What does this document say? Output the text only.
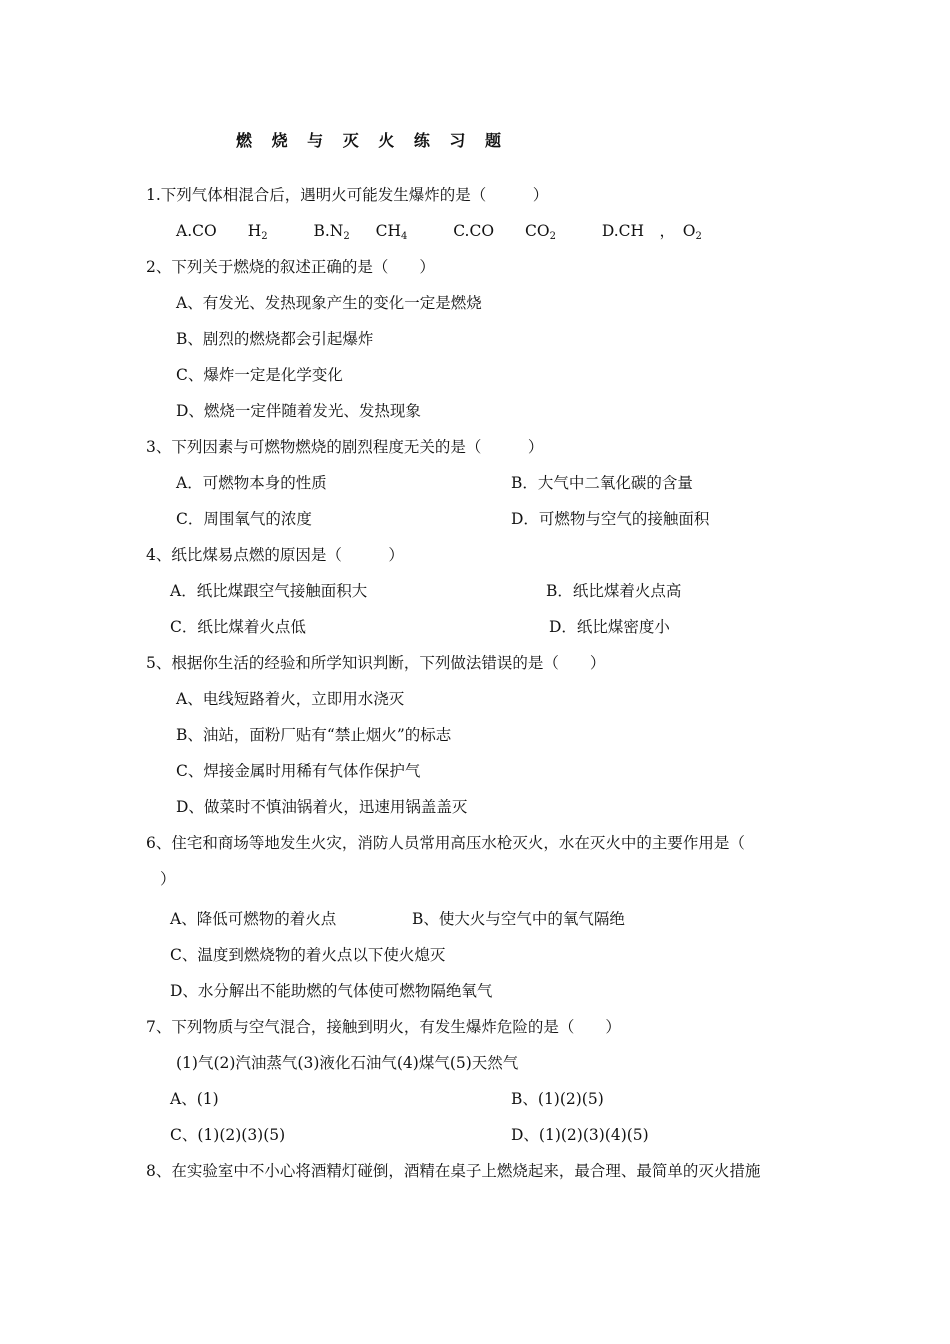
燃 烧 与 灭 火 练 习 题
1.下列气体相混合后，遇明火可能发生爆炸的是（　　　）
A.CO　　$H_2$	$B.N_2$ $CH_4$	C.CO　　$CO_2$	D.CH　，　$O_2$
2、下列关于燃烧的叙述正确的是（　　）
A、有发光、发热现象产生的变化一定是燃烧
B、剧烈的燃烧都会引起爆炸
C、爆炸一定是化学变化
D、燃烧一定伴随着发光、发热现象
3、下列因素与可燃物燃烧的剧烈程度无关的是（　　　）
A．可燃物本身的性质	B．大气中二氧化碳的含量
C．周围氧气的浓度	D．可燃物与空气的接触面积
4、纸比煤易点燃的原因是（　　　）
A．纸比煤跟空气接触面积大	B．纸比煤着火点高
C．纸比煤着火点低	D．纸比煤密度小
5、根据你生活的经验和所学知识判断，下列做法错误的是（　　）
A、电线短路着火，立即用水浇灭
B、油站，面粉厂贴有“禁止烟火”的标志
C、焊接金属时用稀有气体作保护气
D、做菜时不慎油锅着火，迅速用锅盖盖灭
6、住宅和商场等地发生火灾，消防人员常用高压水枪灭火，水在灭火中的主要作用是（
）
A、降低可燃物的着火点	B、使大火与空气中的氧气隔绝
C、温度到燃烧物的着火点以下使火熄灭
D、水分解出不能助燃的气体使可燃物隔绝氧气
7、下列物质与空气混合，接触到明火，有发生爆炸危险的是（　　）
(1)气(2)汽油蒸气(3)液化石油气(4)煤气(5)天然气
A、(1)	B、(1)(2)(5)
C、(1)(2)(3)(5)	D、(1)(2)(3)(4)(5)
8、在实验室中不小心将酒精灯碰倒，酒精在桌子上燃烧起来，最合理、最简单的灭火措施
